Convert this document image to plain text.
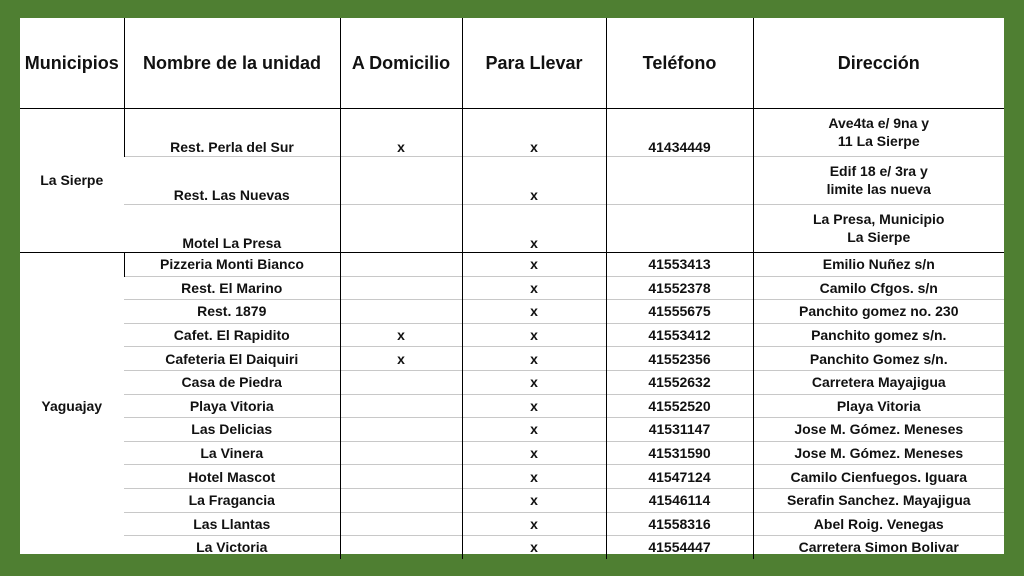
Municipios	Nombre de la unidad	A Domicilio	Para Llevar	Teléfono	Dirección
La Sierpe	Rest. Perla del Sur	x	x	41434449	Ave4ta e/ 9na y
11 La Sierpe

	Rest. Las Nuevas		x		Edif 18 e/ 3ra y
limite las nueva

	Motel La Presa		x		La Presa, Municipio
La Sierpe

Yaguajay	Pizzeria Monti Bianco		x	41553413	Emilio Nuñez s/n

	Rest. El Marino		x	41552378	Camilo Cfgos. s/n

	Rest. 1879		x	41555675	Panchito gomez no. 230

	Cafet. El Rapidito	x	x	41553412	Panchito gomez s/n.

	Cafeteria El Daiquiri	x	x	41552356	Panchito Gomez s/n.

	Casa de Piedra		x	41552632	Carretera Mayajigua

	Playa Vitoria		x	41552520	Playa Vitoria

	Las Delicias		x	41531147	Jose M. Gómez. Meneses

	La Vinera		x	41531590	Jose M. Gómez. Meneses

	Hotel Mascot		x	41547124	Camilo Cienfuegos. Iguara

	La Fragancia		x	41546114	Serafin Sanchez. Mayajigua

	Las Llantas		x	41558316	Abel Roig. Venegas

	La Victoria		x	41554447	Carretera Simon Bolivar
